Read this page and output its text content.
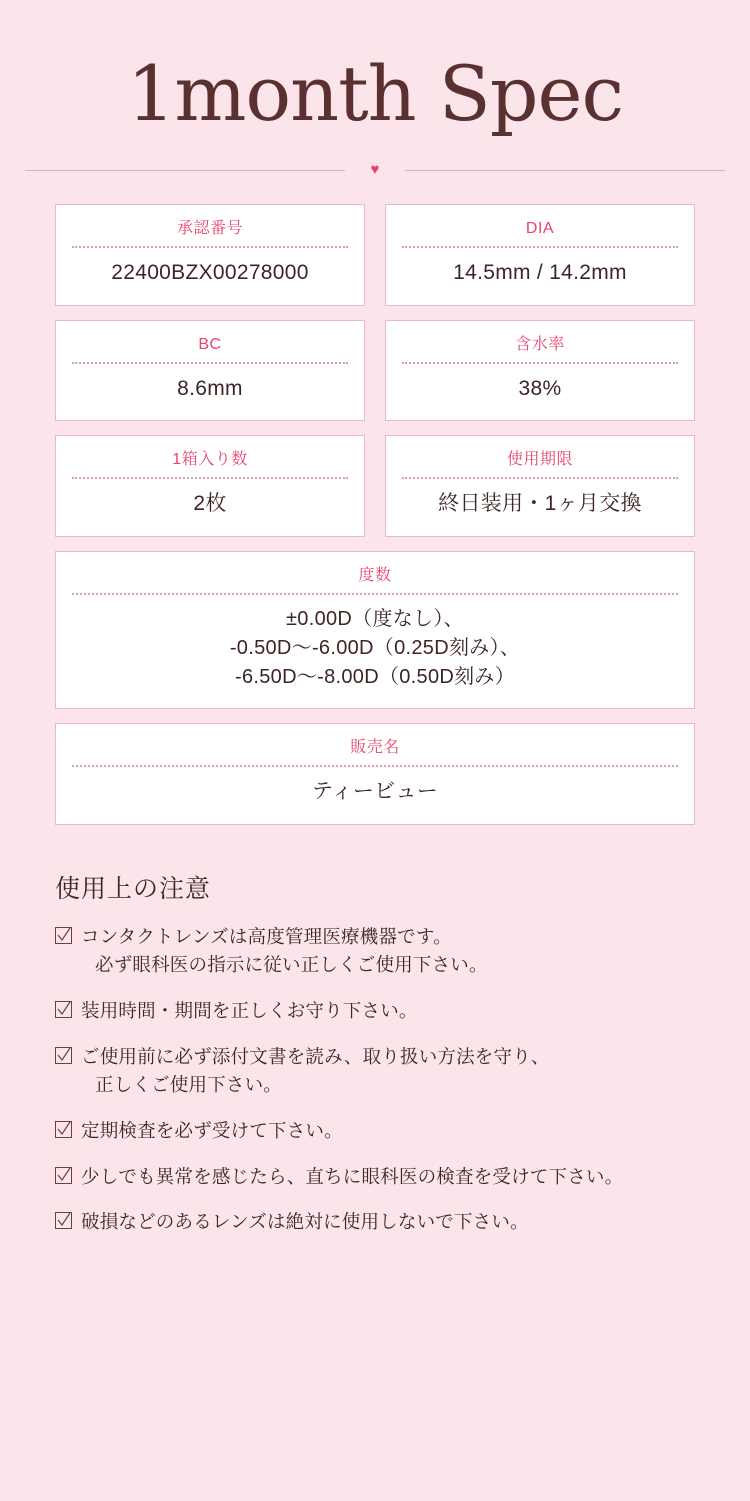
1month Spec
♥
承認番号
22400BZX00278000
DIA
14.5mm / 14.2mm
BC
8.6mm
含水率
38%
1箱入り数
2枚
使用期限
終日装用・1ヶ月交換
度数
±0.00D（度なし）、
-0.50D〜-6.00D（0.25D刻み）、
-6.50D〜-8.00D（0.50D刻み）
販売名
ティービュー
使用上の注意
コンタクトレンズは高度管理医療機器です。
必ず眼科医の指示に従い正しくご使用下さい。
装用時間・期間を正しくお守り下さい。
ご使用前に必ず添付文書を読み、取り扱い方法を守り、
正しくご使用下さい。
定期検査を必ず受けて下さい。
少しでも異常を感じたら、直ちに眼科医の検査を受けて下さい。
破損などのあるレンズは絶対に使用しないで下さい。
